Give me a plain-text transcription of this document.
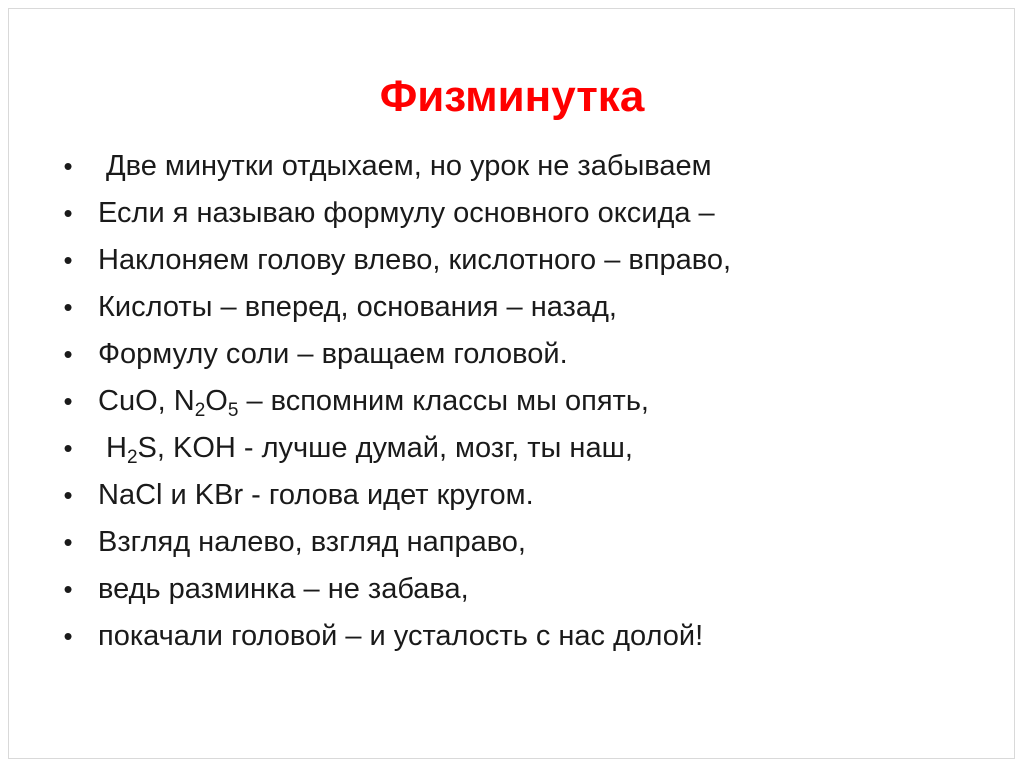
Физминутка
• Две минутки отдыхаем, но урок не забываем
• Если я называю формулу основного оксида –
• Наклоняем голову влево, кислотного – вправо,
• Кислоты – вперед, основания – назад,
• Формулу соли – вращаем головой.
• CuO, $N_2O_5$ – вспомним классы мы опять,
• $H_2S$, KOH - лучше думай, мозг, ты наш,
• NaCl и KBr - голова идет кругом.
• Взгляд налево, взгляд направо,
• ведь разминка – не забава,
• покачали головой – и усталость с нас долой!
